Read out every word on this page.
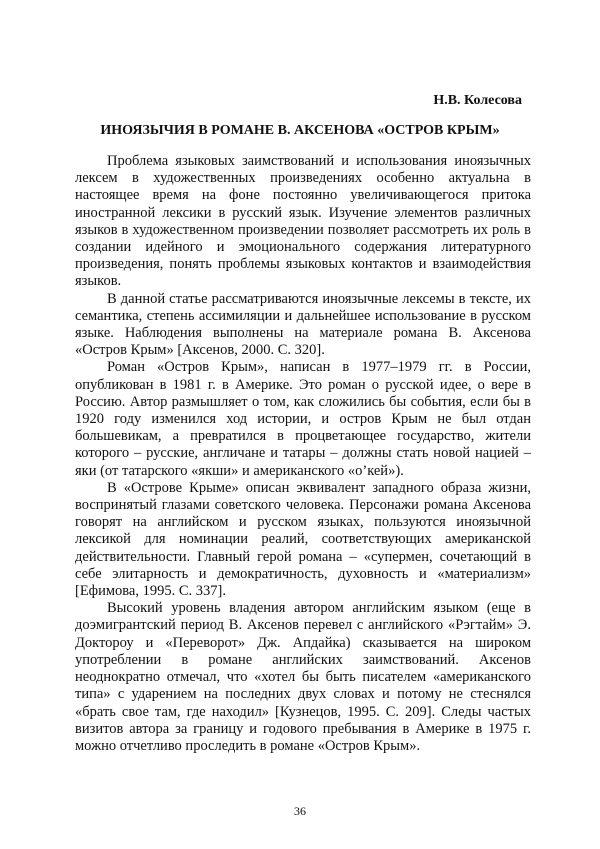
Н.В. Колесова
ИНОЯЗЫЧИЯ В РОМАНЕ В. АКСЕНОВА «ОСТРОВ КРЫМ»

Проблема языковых заимствований и использования иноязычных лексем в художественных произведениях особенно актуальна в настоящее время на фоне постоянно увеличивающегося притока иностранной лексики в русский язык. Изучение элементов различных языков в художественном произведении позволяет рассмотреть их роль в создании идейного и эмоционального содержания литературного произведения, понять проблемы языковых контактов и взаимодействия языков.

В данной статье рассматриваются иноязычные лексемы в тексте, их семантика, степень ассимиляции и дальнейшее использование в русском языке. Наблюдения выполнены на материале романа В. Аксенова «Остров Крым» [Аксенов, 2000. С. 320].

Роман «Остров Крым», написан в 1977–1979 гг. в России, опубликован в 1981 г. в Америке. Это роман о русской идее, о вере в Россию. Автор размышляет о том, как сложились бы события, если бы в 1920 году изменился ход истории, и остров Крым не был отдан большевикам, а превратился в процветающее государство, жители которого – русские, англичане и татары – должны стать новой нацией – яки (от татарского «якши» и американского «о’кей»).

В «Острове Крыме» описан эквивалент западного образа жизни, воспринятый глазами советского человека. Персонажи романа Аксенова говорят на английском и русском языках, пользуются иноязычной лексикой для номинации реалий, соответствующих американской действительности. Главный герой романа – «супермен, сочетающий в себе элитарность и демократичность, духовность и «материализм» [Ефимова, 1995. С. 337].

Высокий уровень владения автором английским языком (еще в доэмигрантский период В. Аксенов перевел с английского «Рэгтайм» Э. Доктороу и «Переворот» Дж. Апдайка) сказывается на широком употреблении в романе английских заимствований. Аксенов неоднократно отмечал, что «хотел бы быть писателем «американского типа» с ударением на последних двух словах и потому не стеснялся «брать свое там, где находил» [Кузнецов, 1995. С. 209]. Следы частых визитов автора за границу и годового пребывания в Америке в 1975 г. можно отчетливо проследить в романе «Остров Крым».

36
